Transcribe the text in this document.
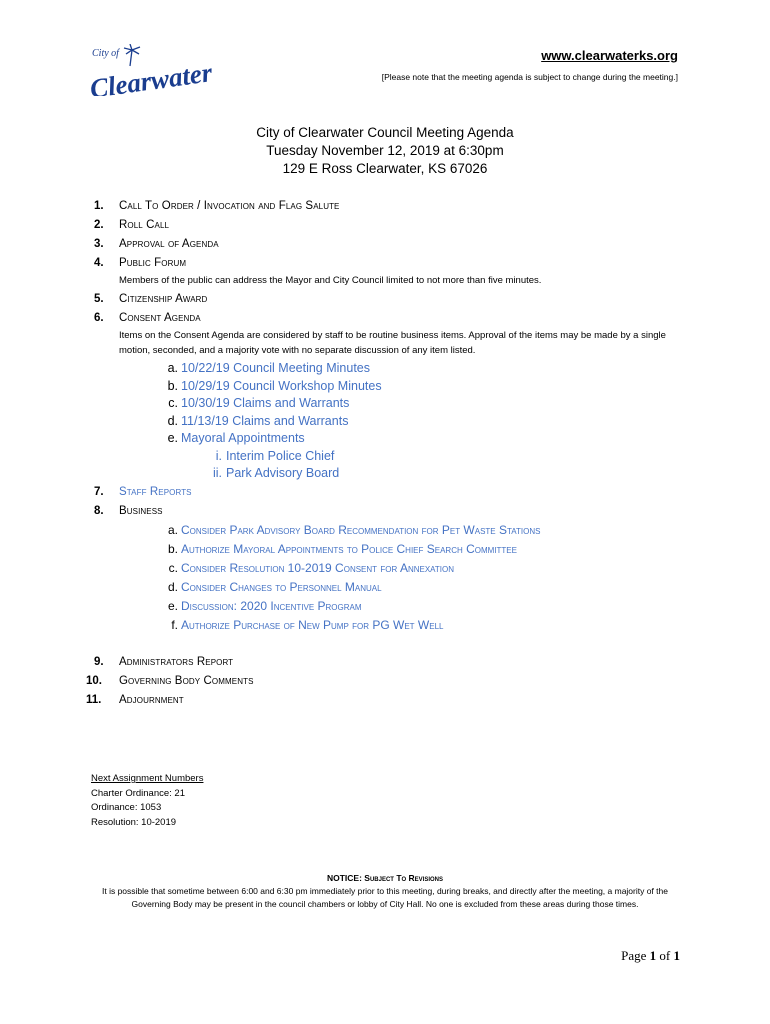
City of
Clearwater
www.clearwaterks.org
[Please note that the meeting agenda is subject to change during the meeting.]
City of Clearwater Council Meeting Agenda
Tuesday November 12, 2019 at 6:30pm
129 E Ross Clearwater, KS 67026
1.	Call To Order / Invocation and Flag Salute
2.	Roll Call
3.	Approval of Agenda
4.	Public Forum
Members of the public can address the Mayor and City Council limited to not more than five minutes.
5.	Citizenship Award
6.	Consent Agenda
Items on the Consent Agenda are considered by staff to be routine business items. Approval of the items may be made by a single motion, seconded, and a majority vote with no separate discussion of any item listed.
a. 10/22/19 Council Meeting Minutes
b. 10/29/19 Council Workshop Minutes
c. 10/30/19 Claims and Warrants
d. 11/13/19 Claims and Warrants
e. Mayoral Appointments
i. Interim Police Chief
ii. Park Advisory Board
7.	Staff Reports
8.	Business
a. Consider Park Advisory Board Recommendation for Pet Waste Stations
b. Authorize Mayoral Appointments to Police Chief Search Committee
c. Consider Resolution 10-2019 Consent for Annexation
d. Consider Changes to Personnel Manual
e. Discussion: 2020 Incentive Program
f. Authorize Purchase of New Pump for PG Wet Well
9.	Administrators Report
10.	Governing Body Comments
11.	Adjournment
Next Assignment Numbers
Charter Ordinance: 21
Ordinance: 1053
Resolution: 10-2019
NOTICE: Subject To Revisions
It is possible that sometime between 6:00 and 6:30 pm immediately prior to this meeting, during breaks, and directly after the meeting, a majority of the Governing Body may be present in the council chambers or lobby of City Hall. No one is excluded from these areas during those times.
Page 1 of 1
